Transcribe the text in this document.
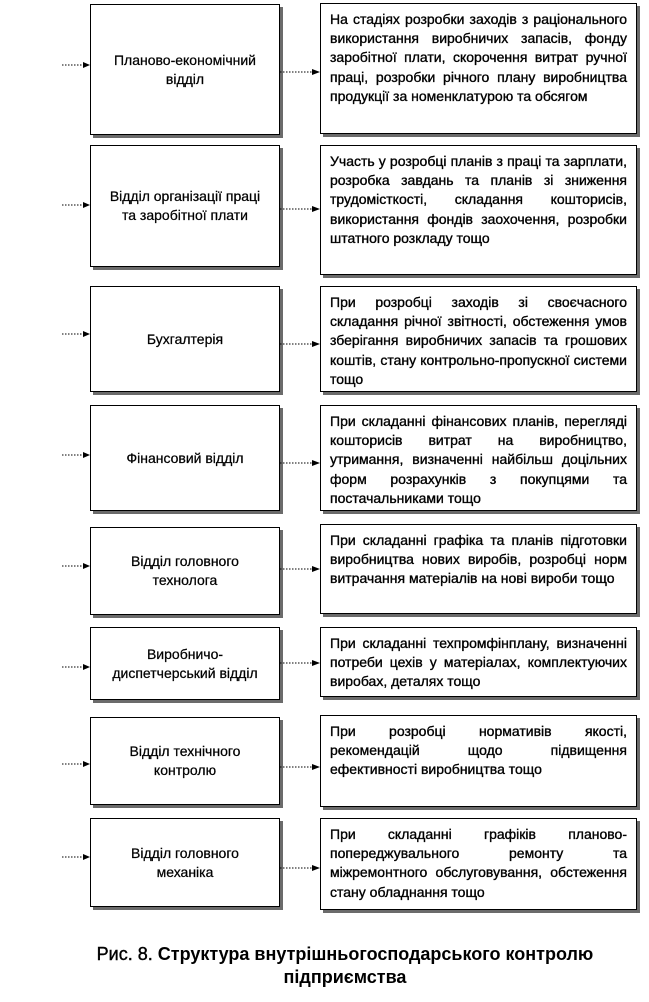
Планово-економічний відділ
На стадіях розробки заходів з раціонального використання виробничих запасів, фонду заробітної плати, скорочення витрат ручної праці, розробки річного плану виробництва продукції за номенклатурою та обсягом
Відділ організації праці та заробітної плати
Участь у розробці планів з праці та зарплати, розробка завдань та планів зі зниження трудомісткості, складання кошторисів, використання фондів заохочення, розробки штатного розкладу тощо
Бухгалтерія
При розробці заходів зі своєчасного складання річної звітності, обстеження умов зберігання виробничих запасів та грошових коштів, стану контрольно-пропускної системи тощо
Фінансовий відділ
При складанні фінансових планів, перегляді кошторисів витрат на виробництво, утримання, визначенні найбільш доцільних форм розрахунків з покупцями та постачальниками тощо
Відділ головного технолога
При складанні графіка та планів підготовки виробництва нових виробів, розробці норм витрачання матеріалів на нові вироби тощо
Виробничо-диспетчерський відділ
При складанні техпромфінплану, визначенні потреби цехів у матеріалах, комплектуючих виробах, деталях тощо
Відділ технічного контролю
При розробці нормативів якості, рекомендацій щодо підвищення ефективності виробництва тощо
Відділ головного механіка
При складанні графіків планово-попереджувального ремонту та міжремонтного обслуговування, обстеження стану обладнання тощо
Рис. 8. Структура внутрішньогосподарського контролю підприємства
